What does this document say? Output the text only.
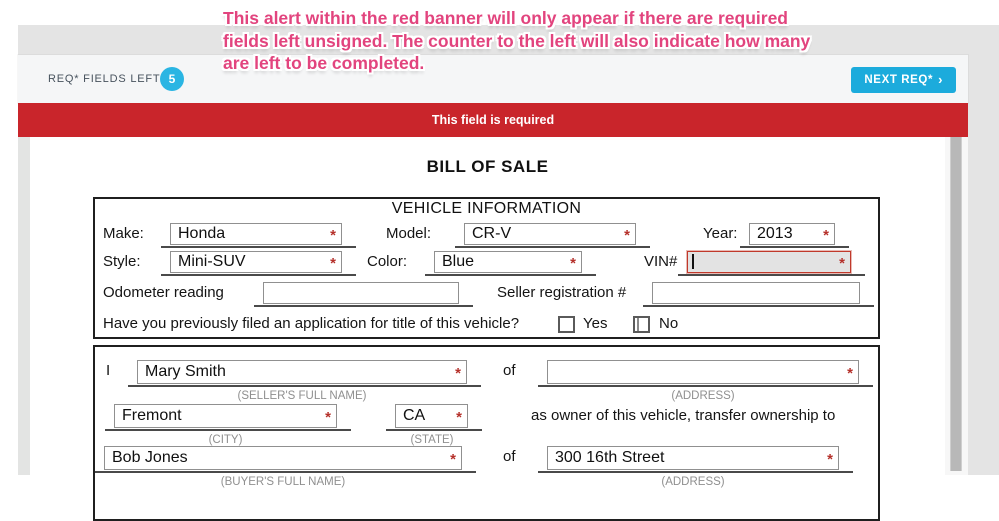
REQ* FIELDS LEFT 5	NEXT REQ* ›
This field is required
BILL OF SALE
VEHICLE INFORMATION
Make: Honda	*	Model:	CR-V	*	Year: 2013 *
Style: Mini-SUV	* Color: Blue	*	VIN#	*
Odometer reading	Seller registration #
Have you previously filed an application for title of this vehicle?	Yes	No
I Mary Smith	*
(SELLER'S FULL NAME)
of	*
(ADDRESS)
Fremont	*
(CITY)
CA *
(STATE)
as owner of this vehicle, transfer ownership to
Bob Jones	*
(BUYER'S FULL NAME)
of 300 16th Street	*
(ADDRESS)
This alert within the red banner will only appear if there are required
fields left unsigned. The counter to the left will also indicate how many
are left to be completed.
